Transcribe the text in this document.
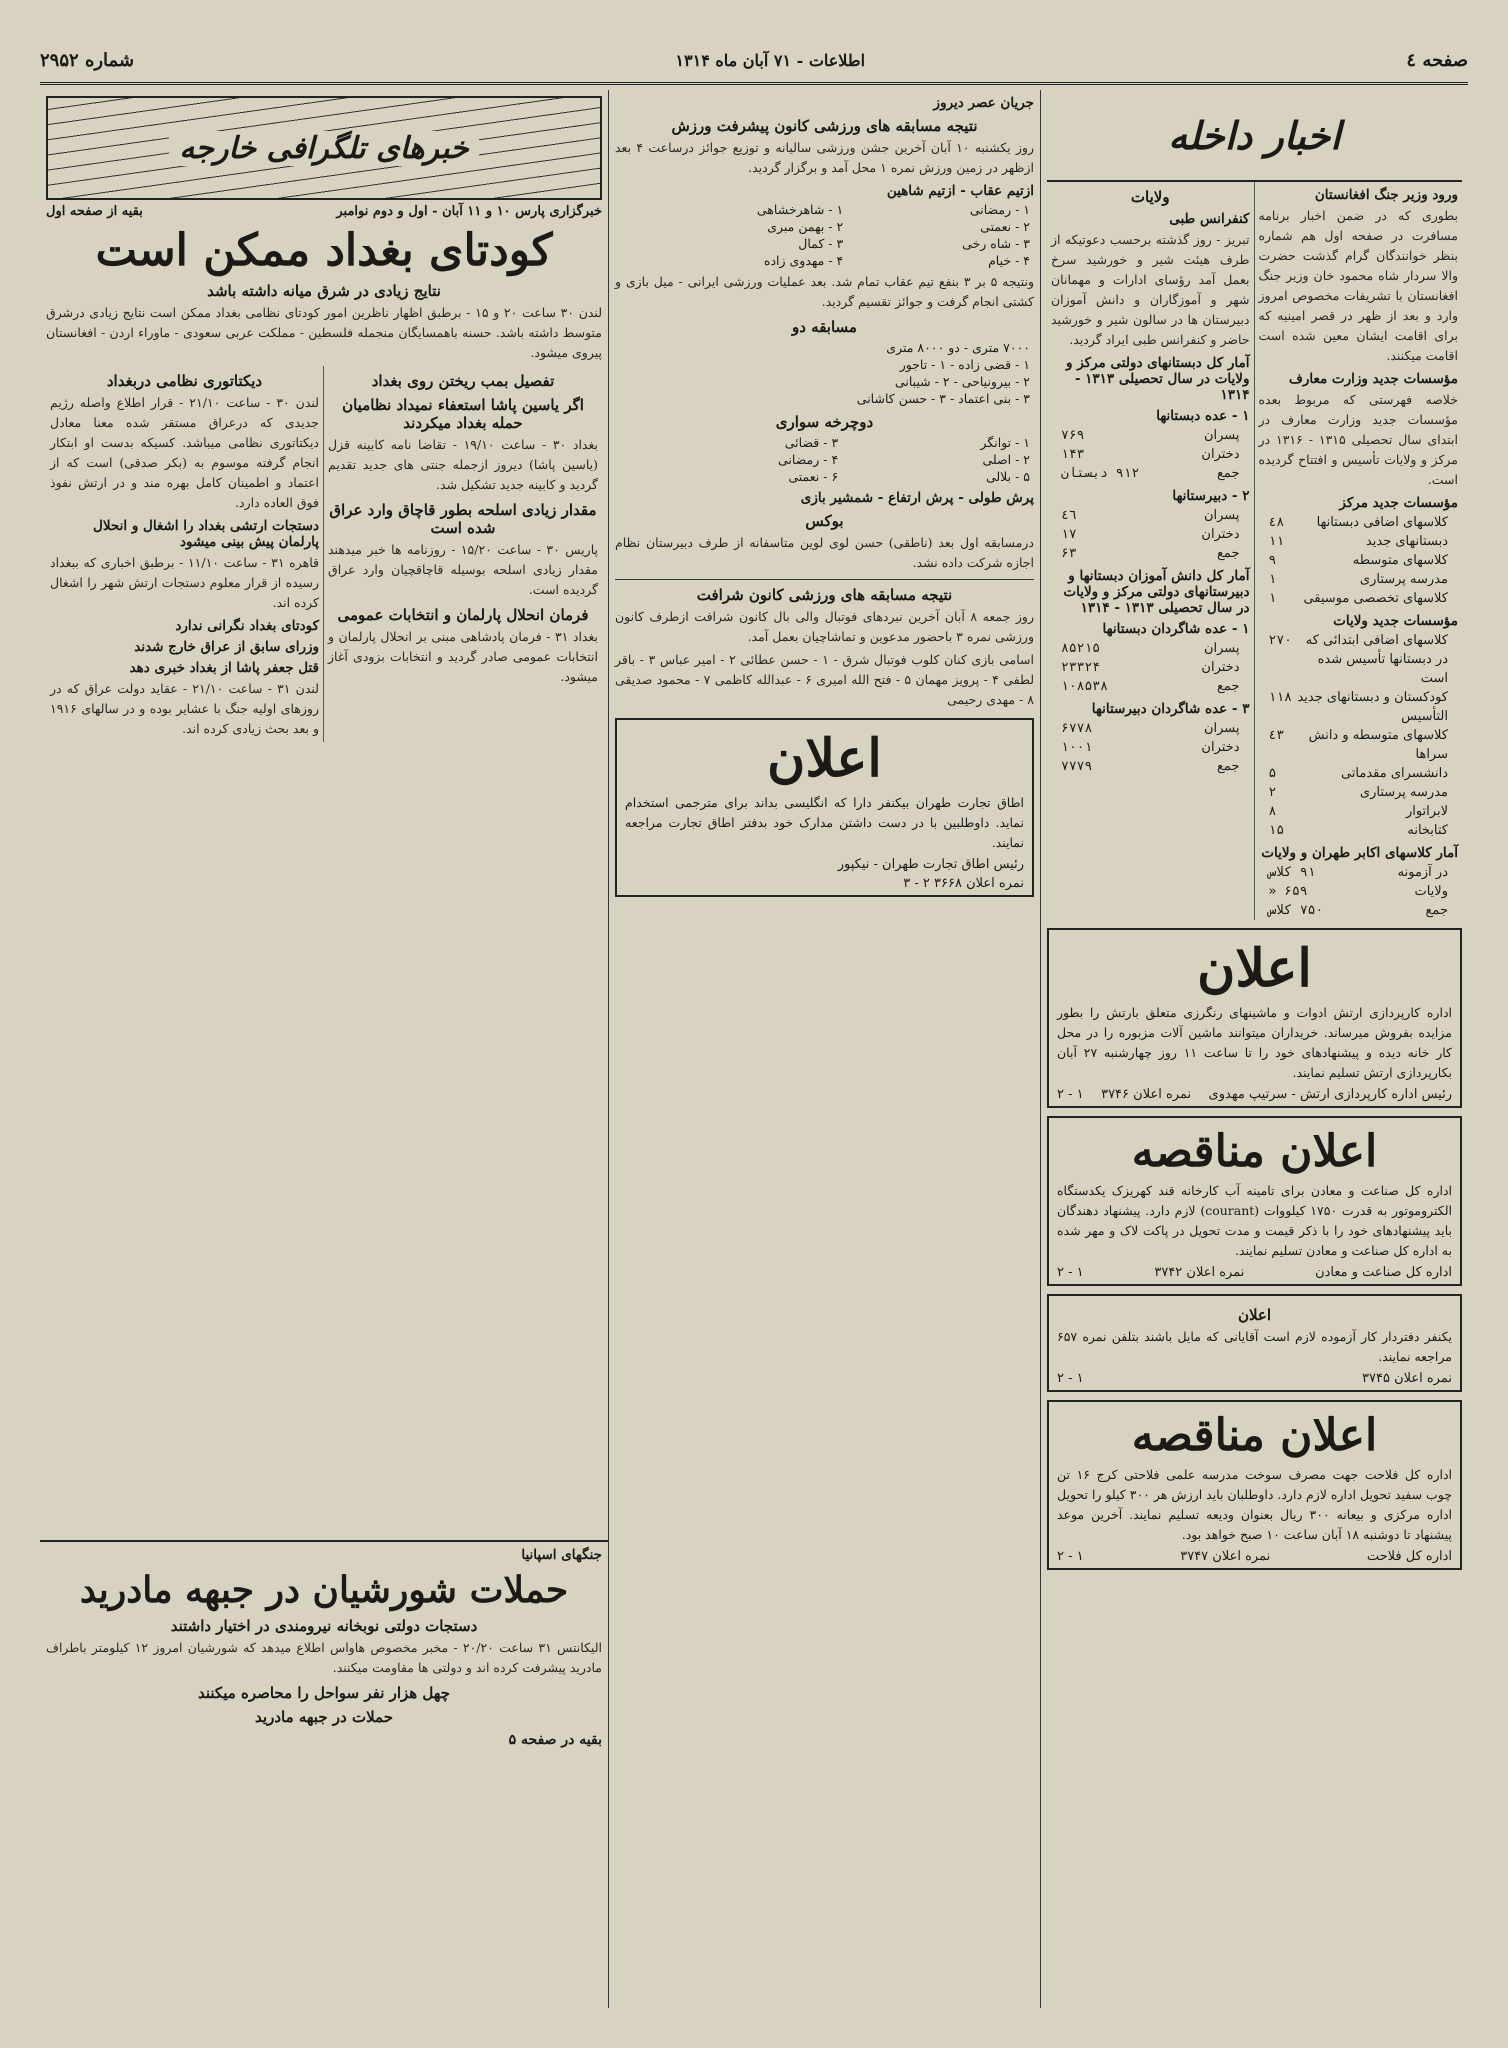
صفحه ٤
اطلاعات - ۷۱ آبان ماه ۱۳۱۴
شماره ۲۹۵۲
اخبار داخله
ورود وزیر جنگ افغانستان

بطوری که در ضمن اخبار برنامه مسافرت در صفحه اول هم شماره بنظر خوانندگان گرام گذشت حضرت والا سردار شاه محمود خان وزیر جنگ افغانستان با تشریفات مخصوص امروز وارد و بعد از ظهر در قصر امینیه که برای اقامت ایشان معین شده است اقامت میکنند.

مؤسسات جدید وزارت معارف

خلاصه فهرستی که مربوط بعده مؤسسات جدید وزارت معارف در ابتدای سال تحصیلی ۱۳۱۵ - ۱۳۱۶ در مرکز و ولایات تأسیس و افتتاح گردیده است.

مؤسسات جدید مرکز
کلاسهای اضافی دبستانها
٤٨
دبستانهای جدید
١١
کلاسهای متوسطه
۹
مدرسه پرستاری
۱
کلاسهای تخصصی موسیقی
۱
مؤسسات جدید ولایات
کلاسهای اضافی ابتدائی که در دبستانها تأسیس شده است
۲۷۰
کودکستان و دبستانهای جدید التأسیس
۱۱۸
کلاسهای متوسطه و دانش سراها
٤٣
دانشسرای مقدماتی
۵
مدرسه پرستاری
۲
لابراتوار
۸
کتابخانه
۱۵
آمار کلاسهای اکابر طهران و ولایات
در آزمونه
۹۱ کلاس
ولایات
۶۵۹ «
جمع
۷۵۰ کلاس
ولایات
کنفرانس طبی

تبریز - روز گذشته برحسب دعوتیکه از طرف هیئت شیر و خورشید سرخ بعمل آمد رؤسای ادارات و مهمانان شهر و آموزگاران و دانش آموزان دبیرستان ها در سالون شیر و خورشید حاضر و کنفرانس طبی ایراد گردید.

آمار کل دبستانهای دولتی مرکز و ولایات در سال تحصیلی ۱۳۱۳ - ۱۳۱۴
۱ - عده دبستانها
پسران
۷۶۹
دختران
۱۴۳
جمع
۹۱۲ دبستان
۲ - دبیرستانها
پسران
٤٦
دختران
۱۷
جمع
۶۳
آمار کل دانش آموزان دبستانها و دبیرستانهای دولتی مرکز و ولایات در سال تحصیلی ۱۳۱۳ - ۱۳۱۴
۱ - عده شاگردان دبستانها
پسران
۸۵۲۱۵
دختران
۲۳۳۲۴
جمع
۱۰۸۵۳۸
۳ - عده شاگردان دبیرستانها
پسران
۶۷۷۸
دختران
۱۰۰۱
جمع
۷۷۷۹
اعلان

اداره کارپردازی ارتش ادوات و ماشینهای رنگرزی متعلق بارتش را بطور مزایده بفروش میرساند. خریداران میتوانند ماشین آلات مزبوره را در محل کار خانه دیده و پیشنهادهای خود را تا ساعت ۱۱ روز چهارشنبه ۲۷ آبان بکارپردازی ارتش تسلیم نمایند.

رئیس اداره کارپردازی ارتش - سرتیپ مهدوی
نمره اعلان ۳۷۴۶
۱ - ۲
اعلان مناقصه

اداره کل صناعت و معادن برای تامینه آب کارخانه قند کهریزک یکدستگاه الکتروموتور به قدرت ۱۷۵۰ کیلووات (courant) لازم دارد. پیشنهاد دهندگان باید پیشنهادهای خود را با ذکر قیمت و مدت تحویل در پاکت لاک و مهر شده به اداره کل صناعت و معادن تسلیم نمایند.

اداره کل صناعت و معادن
نمره اعلان ۳۷۴۲
۱ - ۲
اعلان

یکنفر دفتردار کار آزموده لازم است آقایانی که مایل باشند بتلفن نمره ۶۵۷ مراجعه نمایند.

نمره اعلان ۳۷۴۵
۱ - ۲
اعلان مناقصه

اداره کل فلاحت جهت مصرف سوخت مدرسه علمی فلاحتی کرج ۱۶ تن چوب سفید تحویل اداره لازم دارد. داوطلبان باید ارزش هر ۳۰۰ کیلو را تحویل اداره مرکزی و بیعانه ۳۰۰ ریال بعنوان ودیعه تسلیم نمایند. آخرین موعد پیشنهاد تا دوشنبه ۱۸ آبان ساعت ۱۰ صبح خواهد بود.

اداره کل فلاحت
نمره اعلان ۳۷۴۷
۱ - ۲
جریان عصر دیروز
نتیجه مسابقه های ورزشی کانون پیشرفت ورزش

روز یکشنبه ۱۰ آبان آخرین جشن ورزشی سالیانه و توزیع جوائز درساعت ۴ بعد ازظهر در زمین ورزش نمره ۱ محل آمد و برگزار گردید.

ازتیم عقاب - ازتیم شاهین
۱ - رمضانی	۱ - شاهرخشاهی
۲ - نعمتی	۲ - بهمن مبری
۳ - شاه رخی	۳ - کمال
۴ - خیام	۴ - مهدوی زاده

ونتیجه ۵ بر ۳ بنفع تیم عقاب تمام شد. بعد عملیات ورزشی ایرانی - میل بازی و کشتی انجام گرفت و جوائز تقسیم گردید.

مسابقه دو
۷۰۰۰ متری - دو ۸۰۰۰ متری
۱ - قضی زاده - ۱ - تاجور
۲ - بیرونیاحی - ۲ - شیبانی
۳ - بنی اعتماد - ۳ - حسن کاشانی
دوچرخه سواری
۱ - توانگر	۳ - قضائی
۲ - اصلی	۴ - رمضانی
۵ - بلالی	۶ - نعمتی
پرش طولی - پرش ارتفاع - شمشیر بازی
بوکس

درمسابقه اول بعد (ناطقی) حسن لوی لوین متاسفانه از طرف دبیرستان نظام اجازه شرکت داده نشد.

نتیجه مسابقه های ورزشی کانون شرافت

روز جمعه ۸ آبان آخرین نبردهای فوتبال والی بال کانون شرافت ازطرف کانون ورزشی نمره ۳ باحضور مدعوین و تماشاچیان بعمل آمد.

اسامی بازی کنان کلوب فوتبال شرق - ۱ - حسن عطائی ۲ - امیر عباس ۳ - باقر لطفی ۴ - پرویز مهمان ۵ - فتح الله امیری ۶ - عبدالله کاظمی ۷ - محمود صدیقی ۸ - مهدی رحیمی

اعلان

اطاق تجارت طهران بیکنفر دارا که انگلیسی بداند برای مترجمی استخدام نماید. داوطلبین با در دست داشتن مدارک خود بدفتر اطاق تجارت مراجعه نمایند.

رئیس اطاق تجارت طهران - نیکپور
نمره اعلان ۳۶۶۸ ۲ - ۳
خبرهای تلگرافی خارجه
خبرگزاری پارس ۱۰ و ۱۱ آبان - اول و دوم نوامبر
بقیه از صفحه اول
کودتای بغداد ممکن است
نتایج زیادی در شرق میانه داشته باشد

لندن ۳۰ ساعت ۲۰ و ۱۵ - برطبق اظهار ناظرین امور کودتای نظامی بغداد ممکن است نتایج زیادی درشرق متوسط داشته باشد. حسنه باهمسایگان منجمله فلسطین - مملکت عربی سعودی - ماوراء اردن - افغانستان پیروی میشود.

تفصیل بمب ریختن روی بغداد
اگر یاسین پاشا استعفاء نمیداد نظامیان حمله بغداد میکردند

بغداد ۳۰ - ساعت ۱۹/۱۰ - تقاضا نامه کابینه قزل (یاسین پاشا) دیروز ازجمله جنتی های جدید تقدیم گردید و کابینه جدید تشکیل شد.

مقدار زیادی اسلحه بطور قاچاق وارد عراق شده است

پاریس ۳۰ - ساعت ۱۵/۲۰ - روزنامه ها خبر میدهند مقدار زیادی اسلحه بوسیله قاچاقچیان وارد عراق گردیده است.

فرمان انحلال پارلمان و انتخابات عمومی

بغداد ۳۱ - فرمان پادشاهی مبنی بر انحلال پارلمان و انتخابات عمومی صادر گردید و انتخابات بزودی آغاز میشود.

دیکتاتوری نظامی دربغداد

لندن ۳۰ - ساعت ۲۱/۱۰ - قرار اطلاع واصله رژیم جدیدی که درعراق مستقر شده معنا معادل دیکتاتوری نظامی میباشد. کسیکه بدست او ابتکار انجام گرفته موسوم به (بکر صدقی) است که از اعتماد و اطمینان کامل بهره مند و در ارتش نفوذ فوق العاده دارد.

دستجات ارتشی بغداد را اشغال و انحلال پارلمان پیش بینی میشود

قاهره ۳۱ - ساعت ۱۱/۱۰ - برطبق اخباری که ببغداد رسیده از قرار معلوم دستجات ارتش شهر را اشغال کرده اند.

کودتای بغداد نگرانی ندارد
وزرای سابق از عراق خارج شدند
قتل جعفر پاشا از بغداد خبری دهد

لندن ۳۱ - ساعت ۲۱/۱۰ - عقاید دولت عراق که در روزهای اولیه جنگ با عشایر بوده و در سالهای ۱۹۱۶ و بعد بحث زیادی کرده اند.

جنگهای اسپانیا
حملات شورشیان در جبهه مادرید
دستجات دولتی نوبخانه نیرومندی در اختیار داشتند

الیکانتس ۳۱ ساعت ۲۰/۲۰ - مخبر مخصوص هاواس اطلاع میدهد که شورشیان امروز ۱۲ کیلومتر باطراف مادرید پیشرفت کرده اند و دولتی ها مقاومت میکنند.

چهل هزار نفر سواحل را محاصره میکنند
حملات در جبهه مادرید
بقیه در صفحه ۵
